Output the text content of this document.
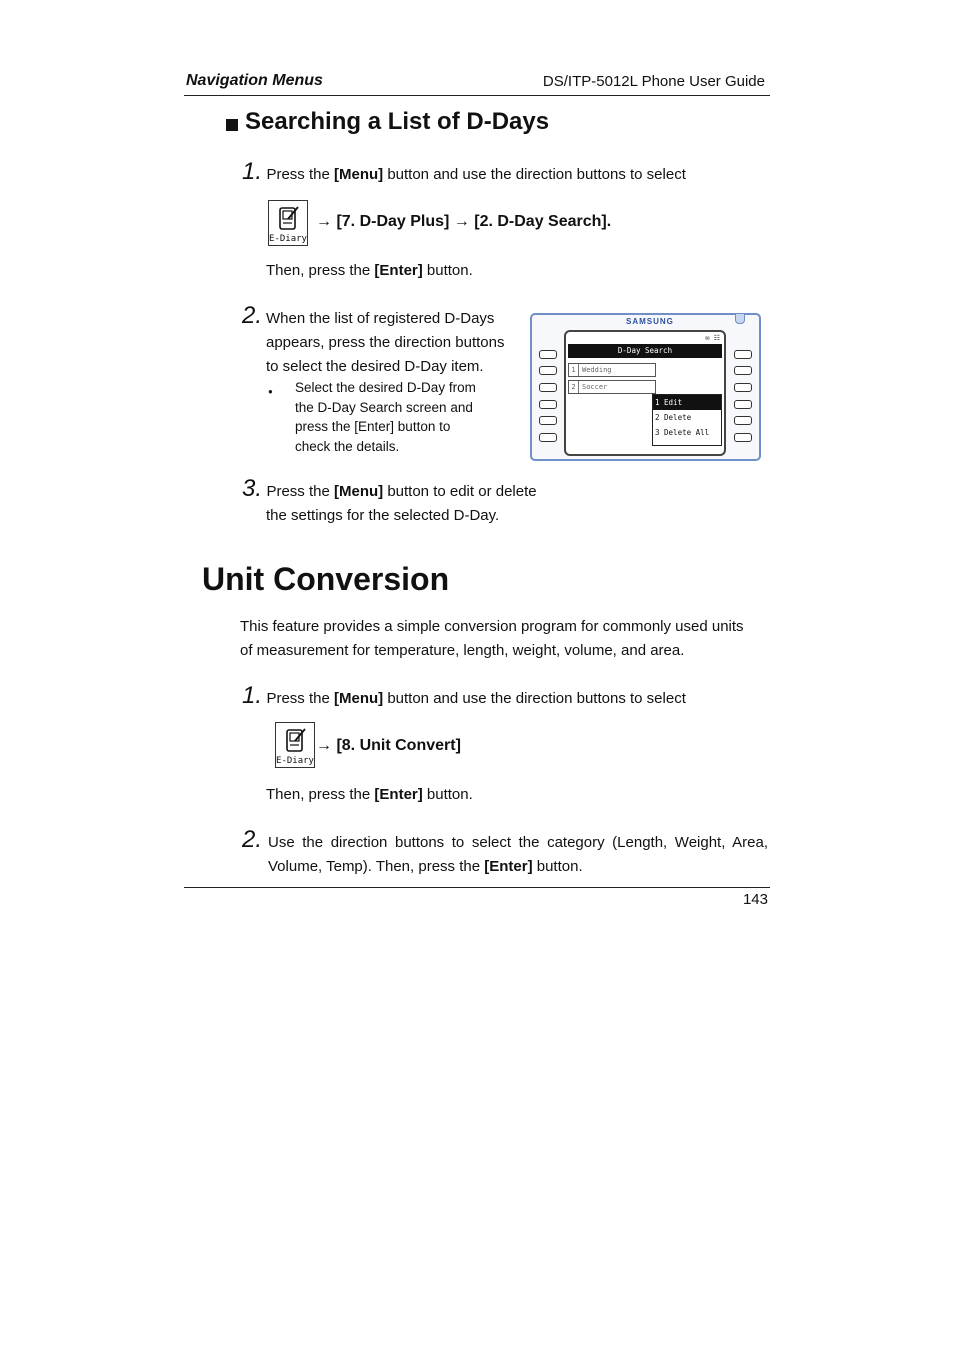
Navigation Menus	DS/ITP-5012L Phone User Guide
Searching a List of D-Days
1. Press the [Menu] button and use the direction buttons to select
E-Diary
→ [7. D-Day Plus] → [2. D-Day Search].
Then, press the [Enter] button.
2. When the list of registered D-Days
appears, press the direction buttons
to select the desired D-Day item.
● Select the desired D-Day from
the D-Day Search screen and
press the [Enter] button to
check the details.
SAMSUNG
✉ ☷
D-Day Search
1 Wedding
2 Soccer
1 Edit
2 Delete
3 Delete All
3. Press the [Menu] button to edit or delete
the settings for the selected D-Day.
Unit Conversion
This feature provides a simple conversion program for commonly used units
of measurement for temperature, length, weight, volume, and area.
1. Press the [Menu] button and use the direction buttons to select
E-Diary
→ [8. Unit Convert]
Then, press the [Enter] button.
2. Use the direction buttons to select the category (Length, Weight, Area,
Volume, Temp). Then, press the [Enter] button.
143
